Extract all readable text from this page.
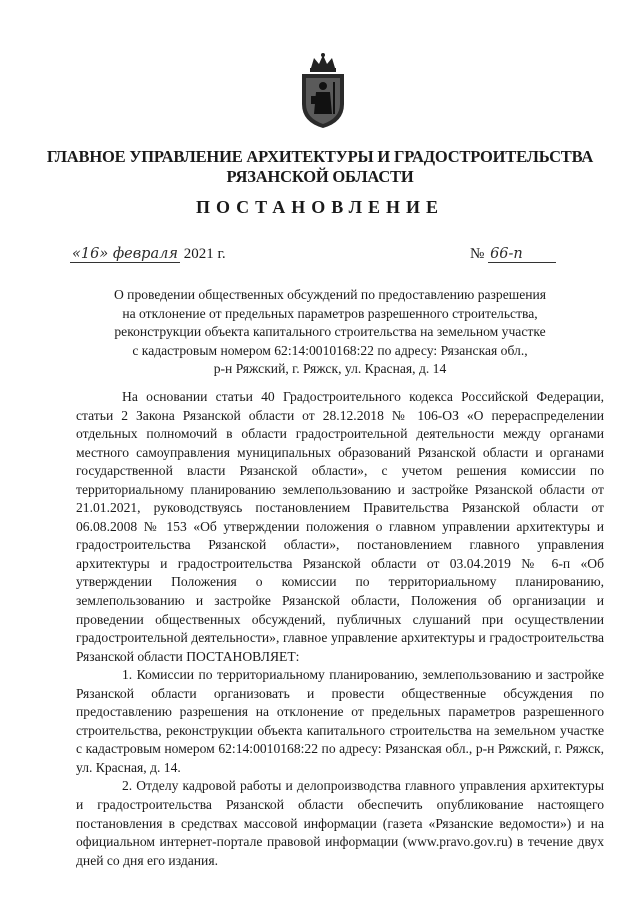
ГЛАВНОЕ УПРАВЛЕНИЕ АРХИТЕКТУРЫ И ГРАДОСТРОИТЕЛЬСТВА
РЯЗАНСКОЙ ОБЛАСТИ
ПОСТАНОВЛЕНИЕ
«16» февраля 2021 г.	№ 66-п
О проведении общественных обсуждений по предоставлению разрешения
на отклонение от предельных параметров разрешенного строительства,
реконструкции объекта капитального строительства на земельном участке
с кадастровым номером 62:14:0010168:22 по адресу: Рязанская обл.,
р-н Ряжский, г. Ряжск, ул. Красная, д. 14

На основании статьи 40 Градостроительного кодекса Российской Федерации, статьи 2 Закона Рязанской области от 28.12.2018 № 106-ОЗ «О перераспределении отдельных полномочий в области градостроительной деятельности между органами местного самоуправления муниципальных образований Рязанской области и органами государственной власти Рязанской области», с учетом решения комиссии по территориальному планированию землепользованию и застройке Рязанской области от 21.01.2021, руководствуясь постановлением Правительства Рязанской области от 06.08.2008 № 153 «Об утверждении положения о главном управлении архитектуры и градостроительства Рязанской области», постановлением главного управления архитектуры и градостроительства Рязанской области от 03.04.2019 № 6-п «Об утверждении Положения о комиссии по территориальному планированию, землепользованию и застройке Рязанской области, Положения об организации и проведении общественных обсуждений, публичных слушаний при осуществлении градостроительной деятельности», главное управление архитектуры и градостроительства Рязанской области ПОСТАНОВЛЯЕТ:

1. Комиссии по территориальному планированию, землепользованию и застройке Рязанской области организовать и провести общественные обсуждения по предоставлению разрешения на отклонение от предельных параметров разрешенного строительства, реконструкции объекта капитального строительства на земельном участке с кадастровым номером 62:14:0010168:22 по адресу: Рязанская обл., р-н Ряжский, г. Ряжск, ул. Красная, д. 14.

2. Отделу кадровой работы и делопроизводства главного управления архитектуры и градостроительства Рязанской области обеспечить опубликование настоящего постановления в средствах массовой информации (газета «Рязанские ведомости») и на официальном интернет-портале правовой информации (www.pravo.gov.ru) в течение двух дней со дня его издания.
